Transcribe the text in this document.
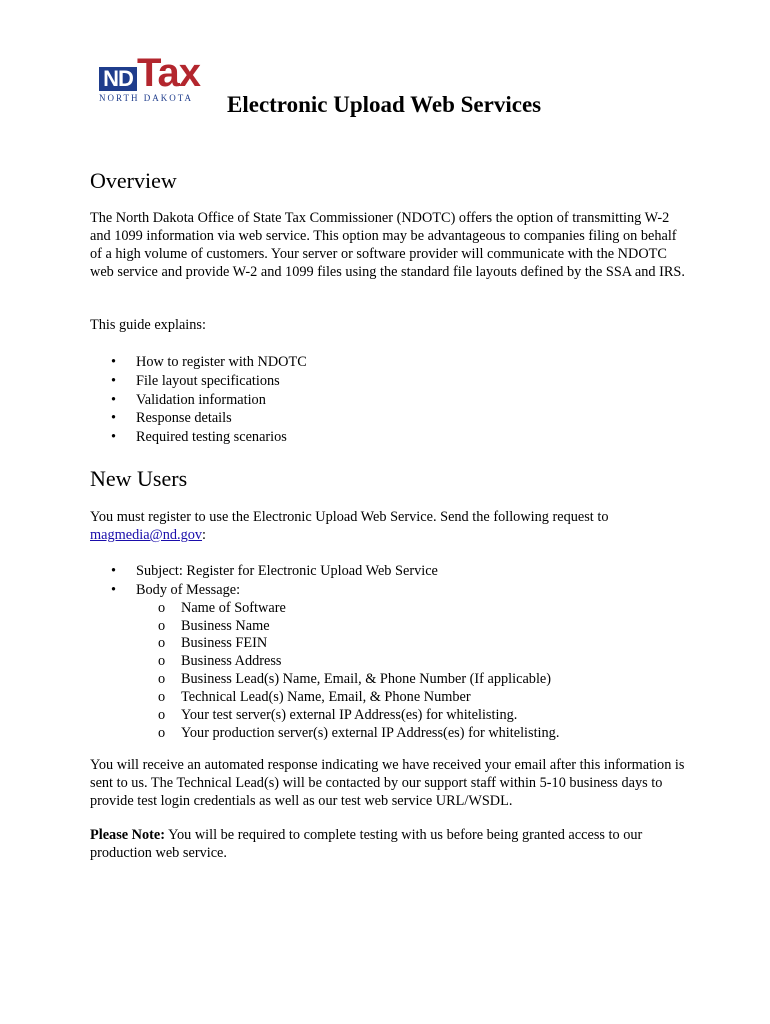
ND Tax
NORTH DAKOTA	Electronic Upload Web Services
Overview

The North Dakota Office of State Tax Commissioner (NDOTC) offers the option of transmitting W-2 and 1099 information via web service. This option may be advantageous to companies filing on behalf of a high volume of customers. Your server or software provider will communicate with the NDOTC web service and provide W-2 and 1099 files using the standard file layouts defined by the SSA and IRS.

This guide explains:

• How to register with NDOTC
• File layout specifications
• Validation information
• Response details
• Required testing scenarios
New Users

You must register to use the Electronic Upload Web Service. Send the following request to magmedia@nd.gov:

• Subject: Register for Electronic Upload Web Service
• Body of Message:
o Name of Software
o Business Name
o Business FEIN
o Business Address
o Business Lead(s) Name, Email, & Phone Number (If applicable)
o Technical Lead(s) Name, Email, & Phone Number
o Your test server(s) external IP Address(es) for whitelisting.
o Your production server(s) external IP Address(es) for whitelisting.

You will receive an automated response indicating we have received your email after this information is sent to us. The Technical Lead(s) will be contacted by our support staff within 5-10 business days to provide test login credentials as well as our test web service URL/WSDL.

Please Note: You will be required to complete testing with us before being granted access to our production web service.
